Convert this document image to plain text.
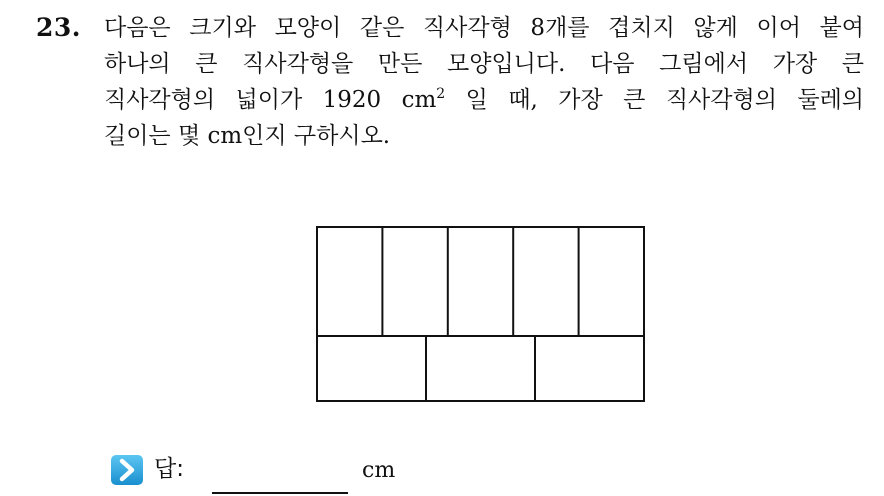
23. 다음은 크기와 모양이 같은 직사각형 8개를 겹치지 않게 이어 붙여
하나의 큰 직사각형을 만든 모양입니다. 다음 그림에서 가장 큰
직사각형의 넓이가 1920 $cm^2$ 일 때, 가장 큰 직사각형의 둘레의
길이는 몇 cm인지 구하시오.
답:	cm
